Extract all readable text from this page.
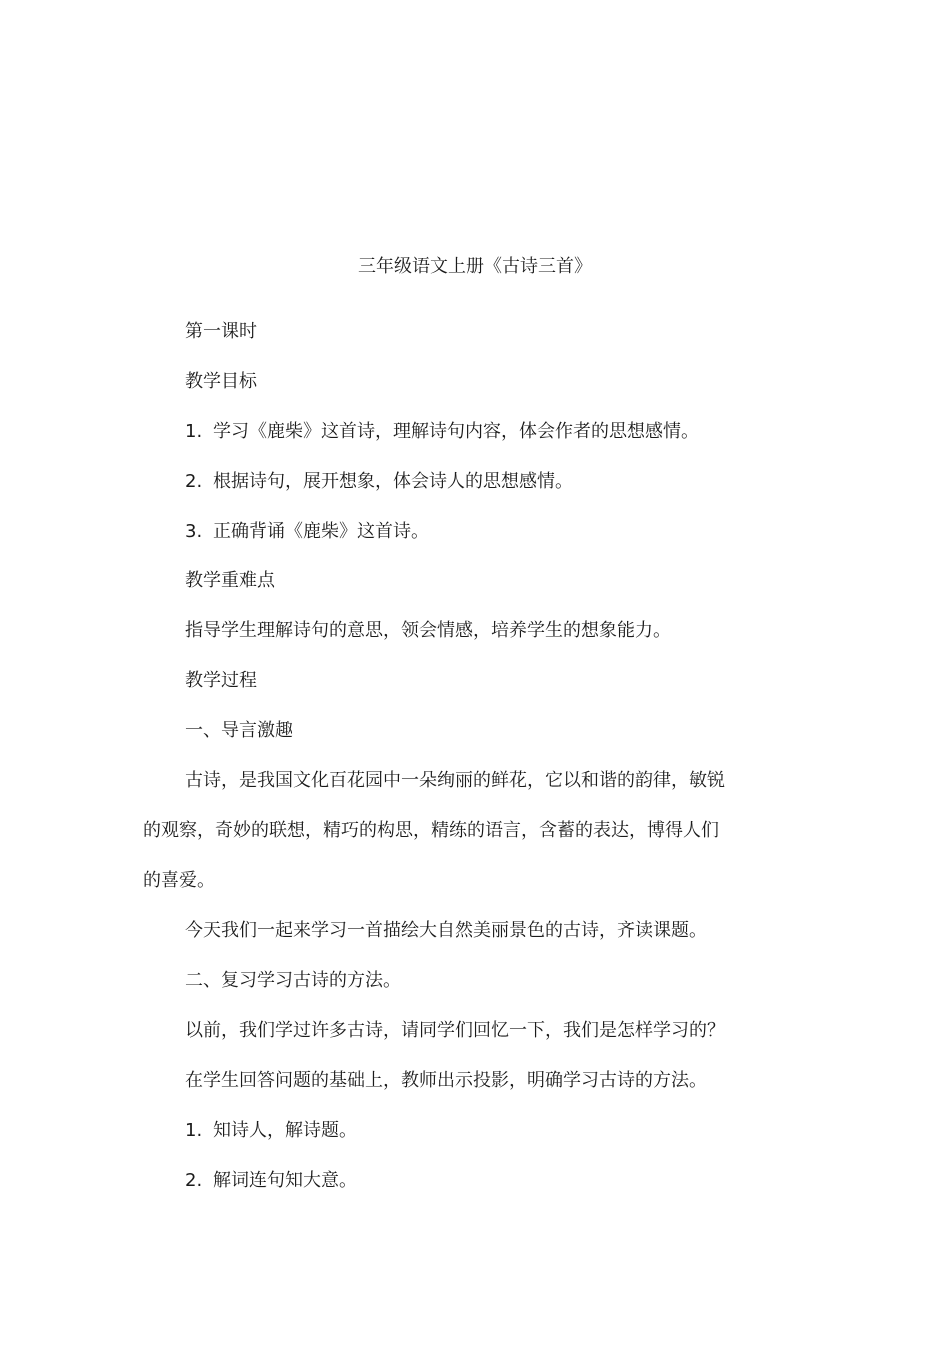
三年级语文上册《古诗三首》
第一课时
教学目标
1. 学习《鹿柴》这首诗，理解诗句内容，体会作者的思想感情。
2. 根据诗句，展开想象，体会诗人的思想感情。
3. 正确背诵《鹿柴》这首诗。
教学重难点
指导学生理解诗句的意思，领会情感，培养学生的想象能力。
教学过程
一、导言激趣
古诗，是我国文化百花园中一朵绚丽的鲜花，它以和谐的韵律，敏锐
的观察，奇妙的联想，精巧的构思，精练的语言，含蓄的表达，博得人们
的喜爱。
今天我们一起来学习一首描绘大自然美丽景色的古诗，齐读课题。
二、复习学习古诗的方法。
以前，我们学过许多古诗，请同学们回忆一下，我们是怎样学习的？
在学生回答问题的基础上，教师出示投影，明确学习古诗的方法。
1. 知诗人，解诗题。
2. 解词连句知大意。
